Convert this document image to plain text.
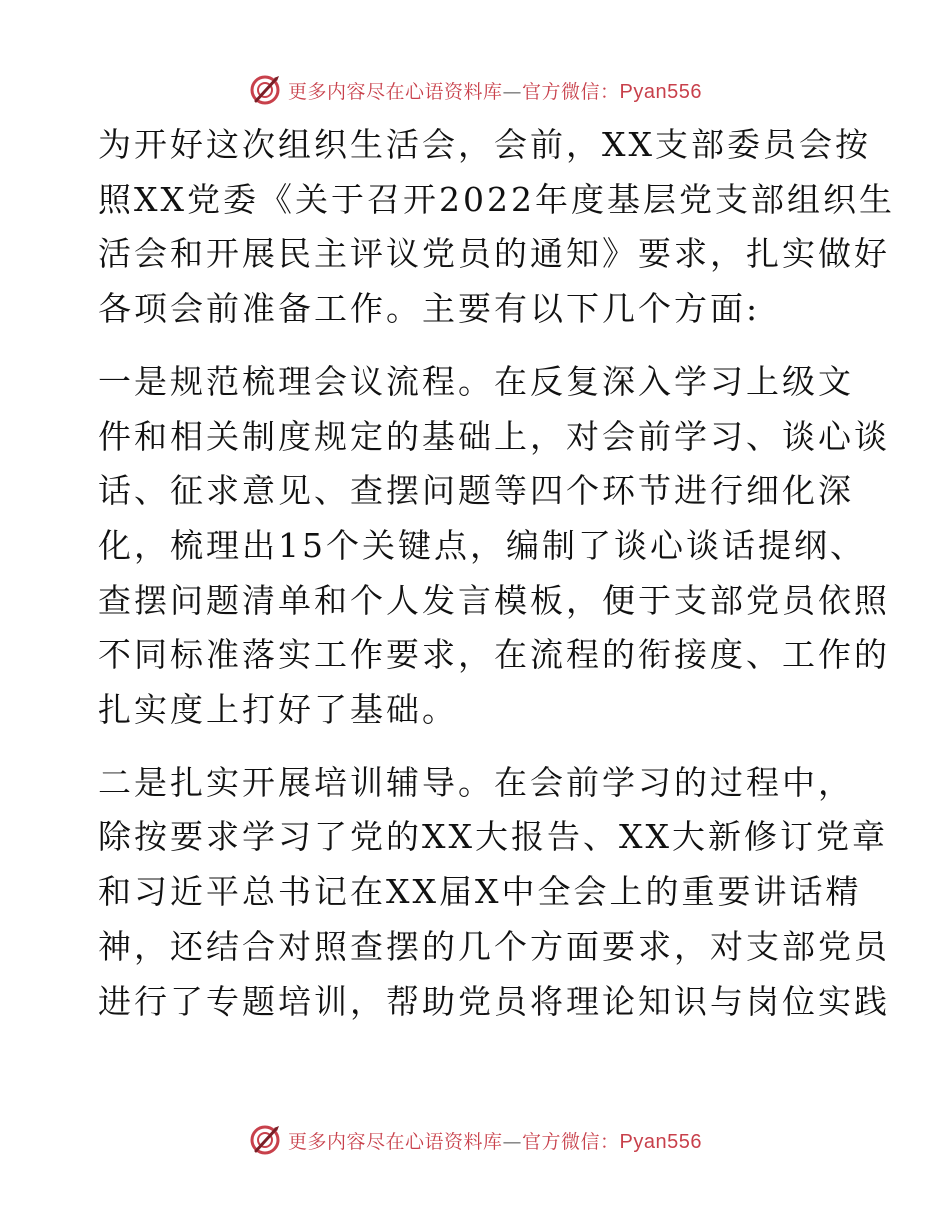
更多内容尽在心语资料库—官方微信：Pyan556
为开好这次组织生活会，会前，XX支部委员会按
照XX党委《关于召开2022年度基层党支部组织生
活会和开展民主评议党员的通知》要求，扎实做好
各项会前准备工作。主要有以下几个方面:
一是规范梳理会议流程。在反复深入学习上级文
件和相关制度规定的基础上，对会前学习、谈心谈
话、征求意见、查摆问题等四个环节进行细化深
化，梳理出15个关键点，编制了谈心谈话提纲、
查摆问题清单和个人发言模板，便于支部党员依照
不同标准落实工作要求，在流程的衔接度、工作的
扎实度上打好了基础。
二是扎实开展培训辅导。在会前学习的过程中，
除按要求学习了党的XX大报告、XX大新修订党章
和习近平总书记在XX届X中全会上的重要讲话精
神，还结合对照查摆的几个方面要求，对支部党员
进行了专题培训，帮助党员将理论知识与岗位实践
更多内容尽在心语资料库—官方微信：Pyan556
